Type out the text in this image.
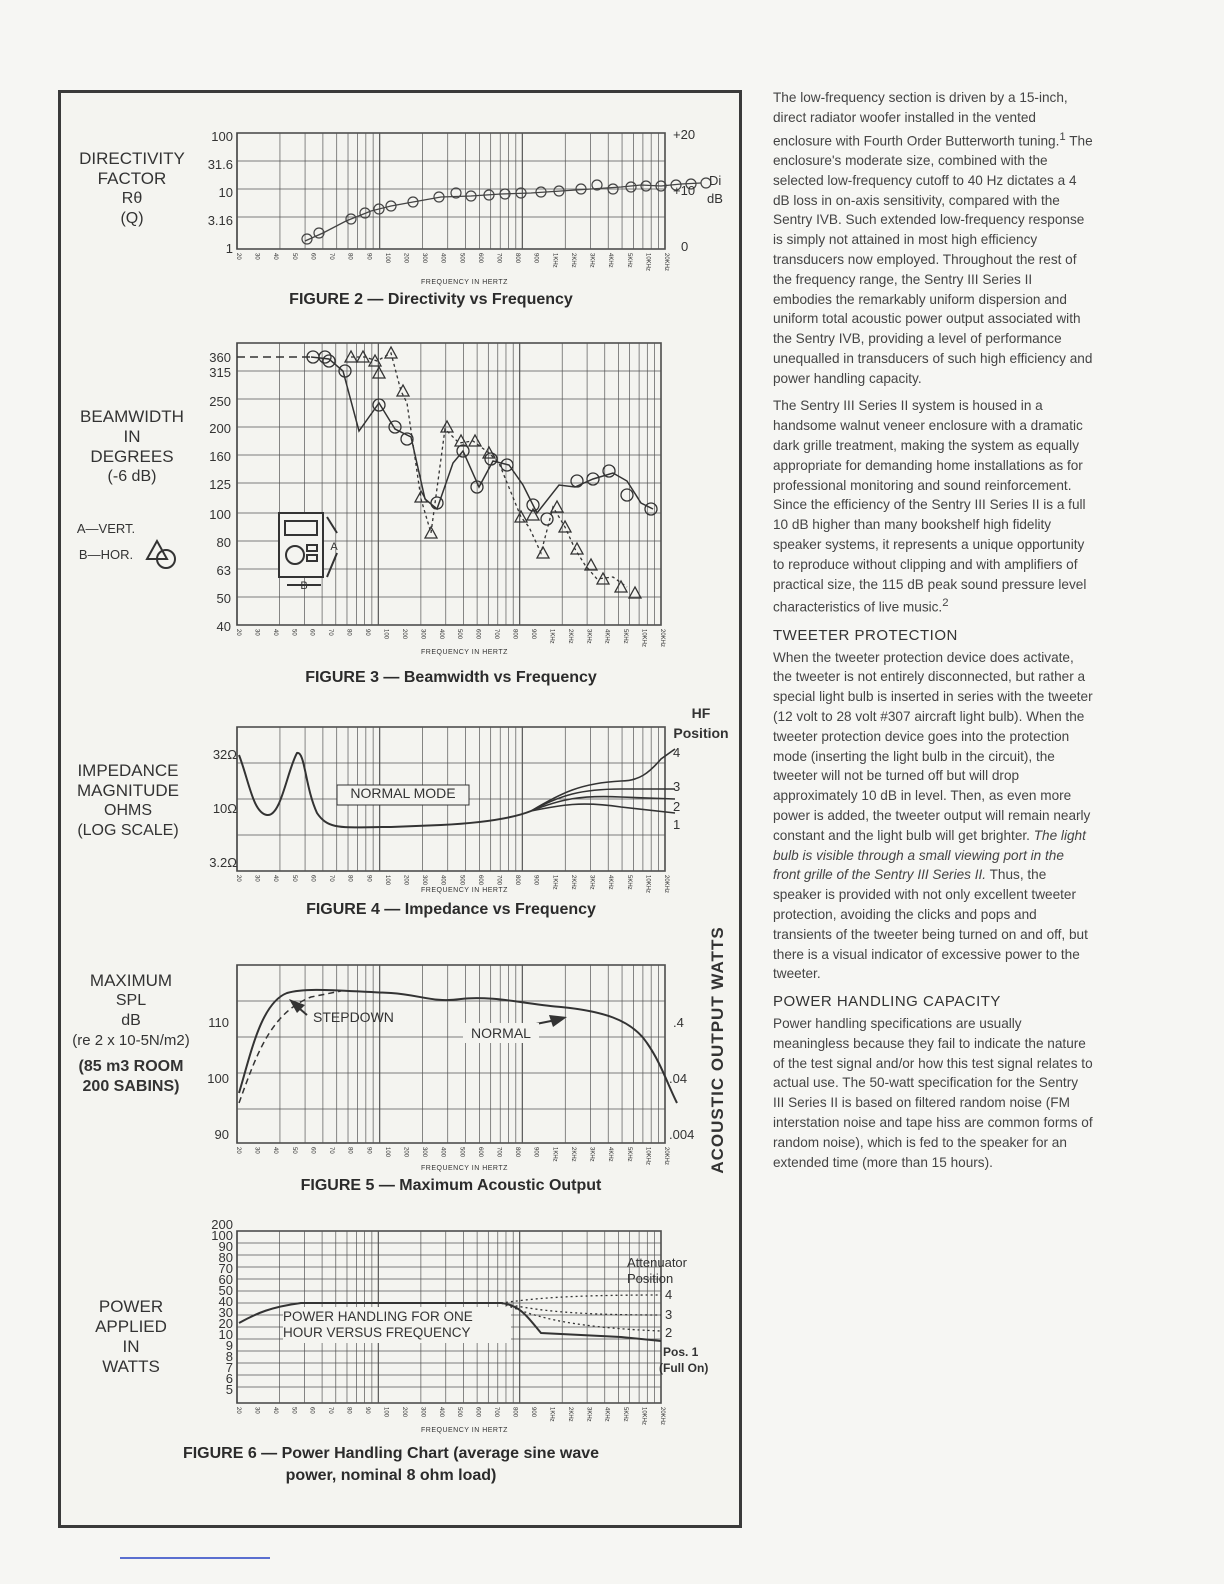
DIRECTIVITY
FACTOR
Rθ
(Q)
100
31.6
10
3.16
1
20 30 40 50 60 70 80 90 100 200 300 400 500 600 700 800 900 1KHz 2KHz 3KHz 4KHz 5KHz 10KHz 20KHz
+20
+10
0
Di
dB
FREQUENCY IN HERTZ
FIGURE 2 — Directivity vs Frequency
BEAMWIDTH
IN
DEGREES
(-6 dB)
A—VERT.
B—HOR.
360
315
250
200
160
125
100
80
63
50
40 20 30 40 50 60 70 80 90 100 200 300 400 500 600 700 800 900 1KHz 2KHz 3KHz 4KHz 5KHz 10KHz 20KHz
A
B
FREQUENCY IN HERTZ
FIGURE 3 — Beamwidth vs Frequency
HF
Position
IMPEDANCE
MAGNITUDE
OHMS
(LOG SCALE)
32Ω
10Ω
3.2Ω
20 30 40 50 60 70 80 90 100 200 300 400 500 600 700 800 900 1KHz 2KHz 3KHz 4KHz 5KHz 10KHz 20KHz
NORMAL MODE
4
3
2
1
FREQUENCY IN HERTZ
FIGURE 4 — Impedance vs Frequency
MAXIMUM
SPL
dB
(re 2 x 10-5N/m2)
(85 m3 ROOM
200 SABINS)
110
100
90
20 30 40 50 60 70 80 90 100 200 300 400 500 600 700 800 900 1KHz 2KHz 3KHz 4KHz 5KHz 10KHz 20KHz
STEPDOWN
NORMAL
.4
.04
.004
FREQUENCY IN HERTZ
FIGURE 5 — Maximum Acoustic Output
POWER
APPLIED
IN
WATTS
200
100
90
80
70
60
50
40
30
20
10
9
8
7
6
5
20 30 40 50 60 70 80 90 100 200 300 400 500 600 700 800 900 1KHz 2KHz 3KHz 4KHz 5KHz 10KHz 20KHz
POWER HANDLING FOR ONE
HOUR VERSUS FREQUENCY
Attenuator
Position
4
3
2
Pos. 1
(Full On)
FREQUENCY IN HERTZ
FIGURE 6 — Power Handling Chart (average sine wave
power, nominal 8 ohm load)
ACOUSTIC OUTPUT WATTS

The low-frequency section is driven by a 15-inch, direct radiator woofer installed in the vented enclosure with Fourth Order Butterworth tuning.$^1$ The enclosure's moderate size, combined with the selected low-frequency cutoff to 40 Hz dictates a 4 dB loss in on-axis sensitivity, compared with the Sentry IVB. Such extended low-frequency response is simply not attained in most high efficiency transducers now employed. Throughout the rest of the frequency range, the Sentry III Series II embodies the remarkably uniform dispersion and uniform total acoustic power output associated with the Sentry IVB, providing a level of performance unequalled in transducers of such high efficiency and power handling capacity.

The Sentry III Series II system is housed in a handsome walnut veneer enclosure with a dramatic dark grille treatment, making the system as equally appropriate for demanding home installations as for professional monitoring and sound reinforcement. Since the efficiency of the Sentry III Series II is a full 10 dB higher than many bookshelf high fidelity speaker systems, it represents a unique opportunity to reproduce without clipping and with amplifiers of practical size, the 115 dB peak sound pressure level characteristics of live music.$^2$

TWEETER PROTECTION

When the tweeter protection device does activate, the tweeter is not entirely disconnected, but rather a special light bulb is inserted in series with the tweeter (12 volt to 28 volt #307 aircraft light bulb). When the tweeter protection device goes into the protection mode (inserting the light bulb in the circuit), the tweeter will not be turned off but will drop approximately 10 dB in level. Then, as even more power is added, the tweeter output will remain nearly constant and the light bulb will get brighter. The light bulb is visible through a small viewing port in the front grille of the Sentry III Series II. Thus, the speaker is provided with not only excellent tweeter protection, avoiding the clicks and pops and transients of the tweeter being turned on and off, but there is a visual indicator of excessive power to the tweeter.

POWER HANDLING CAPACITY

Power handling specifications are usually meaningless because they fail to indicate the nature of the test signal and/or how this test signal relates to actual use. The 50-watt specification for the Sentry III Series II is based on filtered random noise (FM interstation noise and tape hiss are common forms of random noise), which is fed to the speaker for an extended time (more than 15 hours).
